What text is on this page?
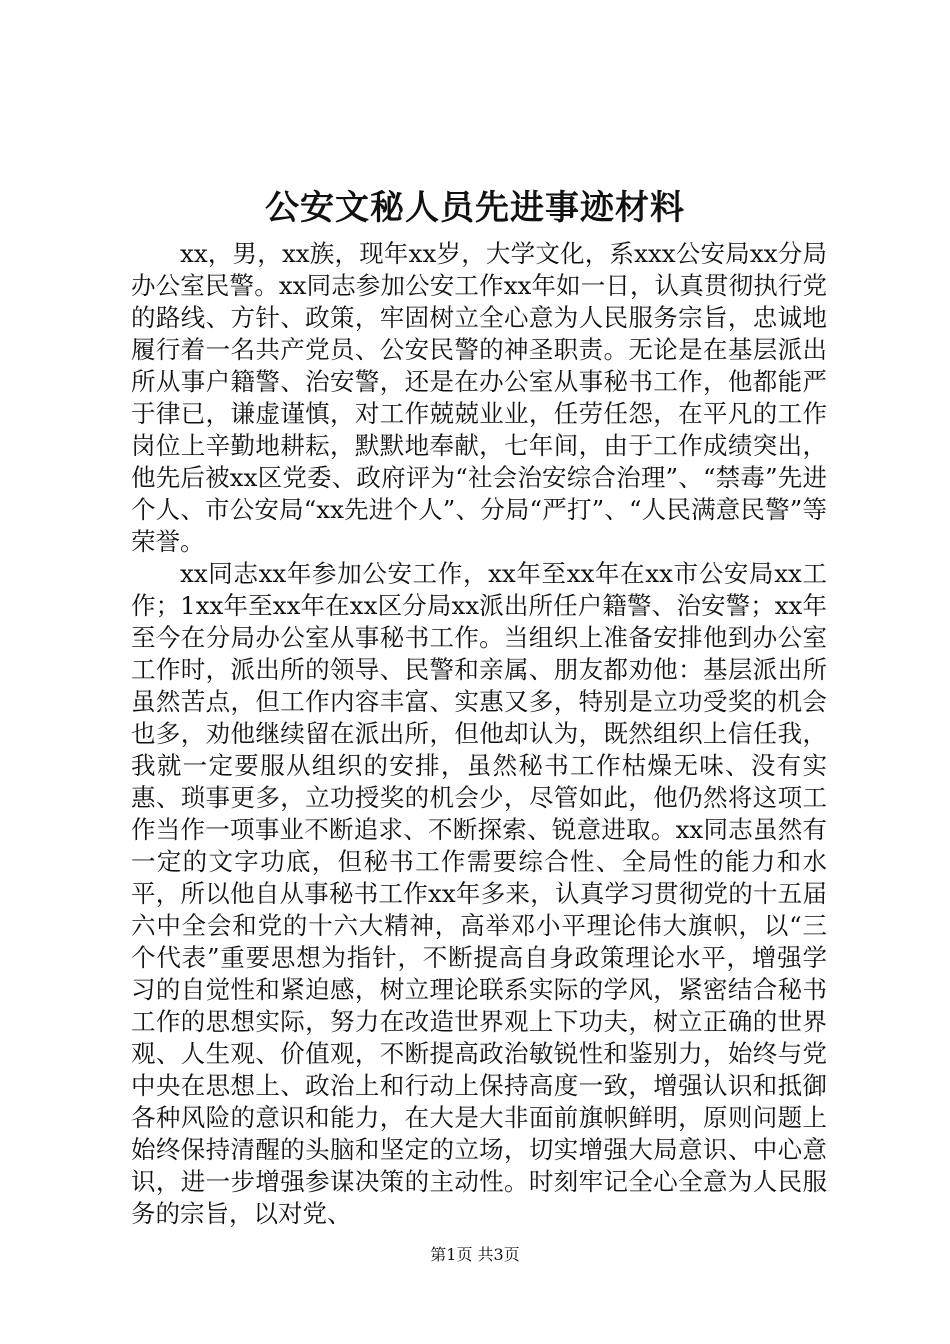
公安文秘人员先进事迹材料

xx，男，xx族，现年xx岁，大学文化，系xxx公安局xx分局办公室民警。xx同志参加公安工作xx年如一日，认真贯彻执行党的路线、方针、政策，牢固树立全心意为人民服务宗旨，忠诚地履行着一名共产党员、公安民警的神圣职责。无论是在基层派出所从事户籍警、治安警，还是在办公室从事秘书工作，他都能严于律已，谦虚谨慎，对工作兢兢业业，任劳任怨，在平凡的工作岗位上辛勤地耕耘，默默地奉献，七年间，由于工作成绩突出，他先后被xx区党委、政府评为“社会治安综合治理”、“禁毒”先进个人、市公安局“xx先进个人”、分局“严打”、“人民满意民警”等荣誉。

xx同志xx年参加公安工作，xx年至xx年在xx市公安局xx工作；1xx年至xx年在xx区分局xx派出所任户籍警、治安警；xx年至今在分局办公室从事秘书工作。当组织上准备安排他到办公室工作时，派出所的领导、民警和亲属、朋友都劝他：基层派出所虽然苦点，但工作内容丰富、实惠又多，特别是立功受奖的机会也多，劝他继续留在派出所，但他却认为，既然组织上信任我，我就一定要服从组织的安排，虽然秘书工作枯燥无味、没有实惠、琐事更多，立功授奖的机会少，尽管如此，他仍然将这项工作当作一项事业不断追求、不断探索、锐意进取。xx同志虽然有一定的文字功底，但秘书工作需要综合性、全局性的能力和水平，所以他自从事秘书工作xx年多来，认真学习贯彻党的十五届六中全会和党的十六大精神，高举邓小平理论伟大旗帜，以“三个代表”重要思想为指针，不断提高自身政策理论水平，增强学习的自觉性和紧迫感，树立理论联系实际的学风，紧密结合秘书工作的思想实际，努力在改造世界观上下功夫，树立正确的世界观、人生观、价值观，不断提高政治敏锐性和鉴别力，始终与党中央在思想上、政治上和行动上保持高度一致，增强认识和抵御各种风险的意识和能力，在大是大非面前旗帜鲜明，原则问题上始终保持清醒的头脑和坚定的立场，切实增强大局意识、中心意识，进一步增强参谋决策的主动性。时刻牢记全心全意为人民服务的宗旨，以对党、

第1页 共3页
